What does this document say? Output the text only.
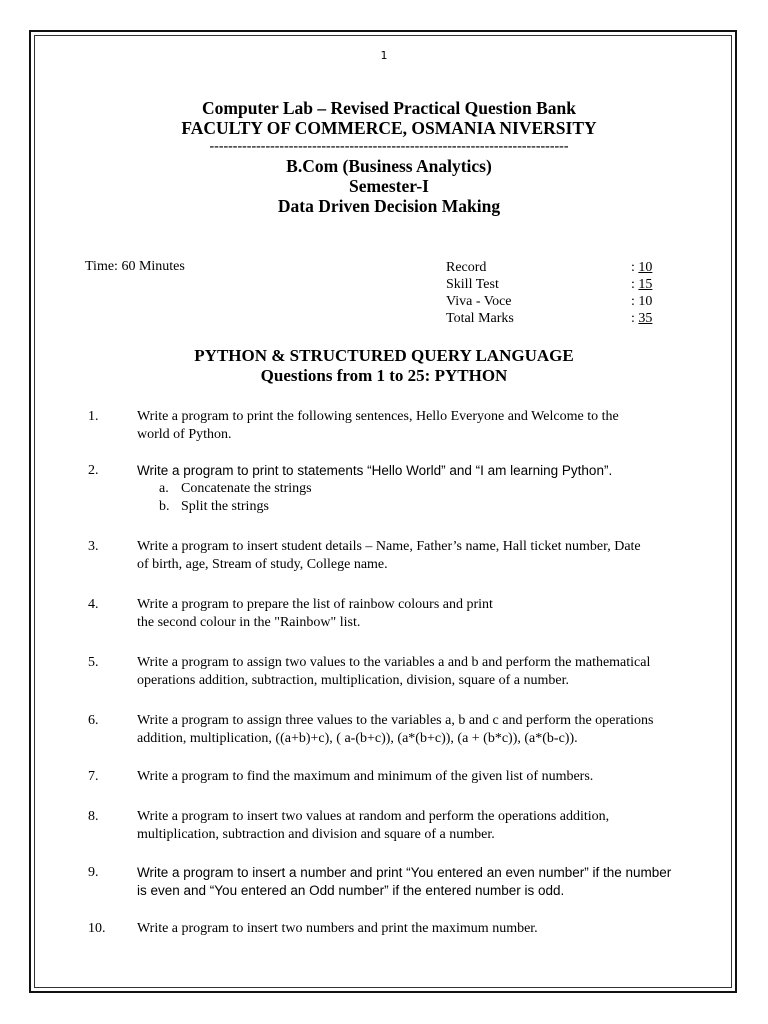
1
Computer Lab – Revised Practical Question Bank
FACULTY OF COMMERCE, OSMANIA NIVERSITY
-----------------------------------------------------------------------------
B.Com (Business Analytics)
Semester-I
Data Driven Decision Making
Time: 60 Minutes	Record	: 10
Skill Test	: 15
Viva - Voce	: 10
Total Marks	: 35
PYTHON & STRUCTURED QUERY LANGUAGE
Questions from 1 to 25: PYTHON
1.	Write a program to print the following sentences, Hello Everyone and Welcome to the
world of Python.
2.	Write a program to print to statements “Hello World” and “I am learning Python”.
a. Concatenate the strings
b. Split the strings
3.	Write a program to insert student details – Name, Father’s name, Hall ticket number, Date
of birth, age, Stream of study, College name.
4.	Write a program to prepare the list of rainbow colours and print
the second colour in the "Rainbow" list.
5.	Write a program to assign two values to the variables a and b and perform the mathematical
operations addition, subtraction, multiplication, division, square of a number.
6.	Write a program to assign three values to the variables a, b and c and perform the operations
addition, multiplication, ((a+b)+c), ( a-(b+c)), (a*(b+c)), (a + (b*c)), (a*(b-c)).
7.	Write a program to find the maximum and minimum of the given list of numbers.
8.	Write a program to insert two values at random and perform the operations addition,
multiplication, subtraction and division and square of a number.
9.	Write a program to insert a number and print “You entered an even number” if the number
is even and “You entered an Odd number” if the entered number is odd.
10.	Write a program to insert two numbers and print the maximum number.
